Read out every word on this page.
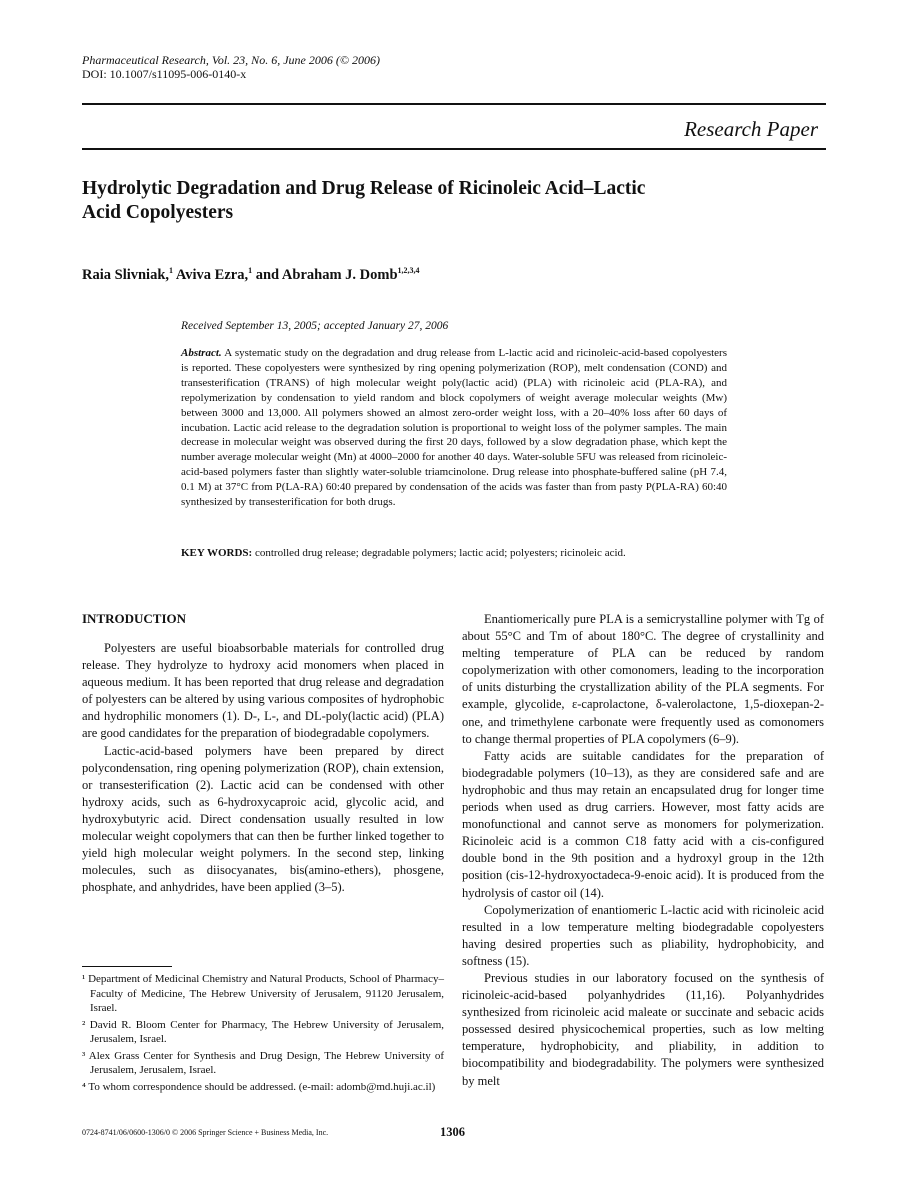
Pharmaceutical Research, Vol. 23, No. 6, June 2006 (© 2006)
DOI: 10.1007/s11095-006-0140-x
Research Paper
Hydrolytic Degradation and Drug Release of Ricinoleic Acid–Lactic
Acid Copolyesters
Raia Slivniak,$^1$ Aviva Ezra,$^1$ and Abraham J. Domb$^{1,2,3,4}$
Received September 13, 2005; accepted January 27, 2006
Abstract. A systematic study on the degradation and drug release from L-lactic acid and ricinoleic-acid-based copolyesters is reported. These copolyesters were synthesized by ring opening polymerization (ROP), melt condensation (COND) and transesterification (TRANS) of high molecular weight poly(lactic acid) (PLA) with ricinoleic acid (PLA-RA), and repolymerization by condensation to yield random and block copolymers of weight average molecular weights (Mw) between 3000 and 13,000. All polymers showed an almost zero-order weight loss, with a 20–40% loss after 60 days of incubation. Lactic acid release to the degradation solution is proportional to weight loss of the polymer samples. The main decrease in molecular weight was observed during the first 20 days, followed by a slow degradation phase, which kept the number average molecular weight (Mn) at 4000–2000 for another 40 days. Water-soluble 5FU was released from ricinoleic-acid-based polymers faster than slightly water-soluble triamcinolone. Drug release into phosphate-buffered saline (pH 7.4, 0.1 M) at 37°C from P(LA-RA) 60:40 prepared by condensation of the acids was faster than from pasty P(PLA-RA) 60:40 synthesized by transesterification for both drugs.
KEY WORDS: controlled drug release; degradable polymers; lactic acid; polyesters; ricinoleic acid.
INTRODUCTION

Polyesters are useful bioabsorbable materials for controlled drug release. They hydrolyze to hydroxy acid monomers when placed in aqueous medium. It has been reported that drug release and degradation of polyesters can be altered by using various composites of hydrophobic and hydrophilic monomers (1). D-, L-, and DL-poly(lactic acid) (PLA) are good candidates for the preparation of biodegradable copolymers.

Lactic-acid-based polymers have been prepared by direct polycondensation, ring opening polymerization (ROP), chain extension, or transesterification (2). Lactic acid can be condensed with other hydroxy acids, such as 6-hydroxycaproic acid, glycolic acid, and hydroxybutyric acid. Direct condensation usually resulted in low molecular weight copolymers that can then be further linked together to yield high molecular weight polymers. In the second step, linking molecules, such as diisocyanates, bis(amino-ethers), phosgene, phosphate, and anhydrides, have been applied (3–5).

Enantiomerically pure PLA is a semicrystalline polymer with Tg of about 55°C and Tm of about 180°C. The degree of crystallinity and melting temperature of PLA can be reduced by random copolymerization with other comonomers, leading to the incorporation of units disturbing the crystallization ability of the PLA segments. For example, glycolide, ε-caprolactone, δ-valerolactone, 1,5-dioxepan-2-one, and trimethylene carbonate were frequently used as comonomers to change thermal properties of PLA copolymers (6–9).

Fatty acids are suitable candidates for the preparation of biodegradable polymers (10–13), as they are considered safe and are hydrophobic and thus may retain an encapsulated drug for longer time periods when used as drug carriers. However, most fatty acids are monofunctional and cannot serve as monomers for polymerization. Ricinoleic acid is a common C18 fatty acid with a cis-configured double bond in the 9th position and a hydroxyl group in the 12th position (cis-12-hydroxyoctadeca-9-enoic acid). It is produced from the hydrolysis of castor oil (14).

Copolymerization of enantiomeric L-lactic acid with ricinoleic acid resulted in a low temperature melting biodegradable copolyesters having desired properties such as pliability, hydrophobicity, and softness (15).

Previous studies in our laboratory focused on the synthesis of ricinoleic-acid-based polyanhydrides (11,16). Polyanhydrides synthesized from ricinoleic acid maleate or succinate and sebacic acids possessed desired physicochemical properties, such as low melting temperature, hydrophobicity, and pliability, in addition to biocompatibility and biodegradability. The polymers were synthesized by melt

¹ Department of Medicinal Chemistry and Natural Products, School of Pharmacy–Faculty of Medicine, The Hebrew University of Jerusalem, 91120 Jerusalem, Israel.

² David R. Bloom Center for Pharmacy, The Hebrew University of Jerusalem, Jerusalem, Israel.

³ Alex Grass Center for Synthesis and Drug Design, The Hebrew University of Jerusalem, Jerusalem, Israel.

⁴ To whom correspondence should be addressed. (e-mail: adomb@md.huji.ac.il)

0724-8741/06/0600-1306/0 © 2006 Springer Science + Business Media, Inc.	1306
